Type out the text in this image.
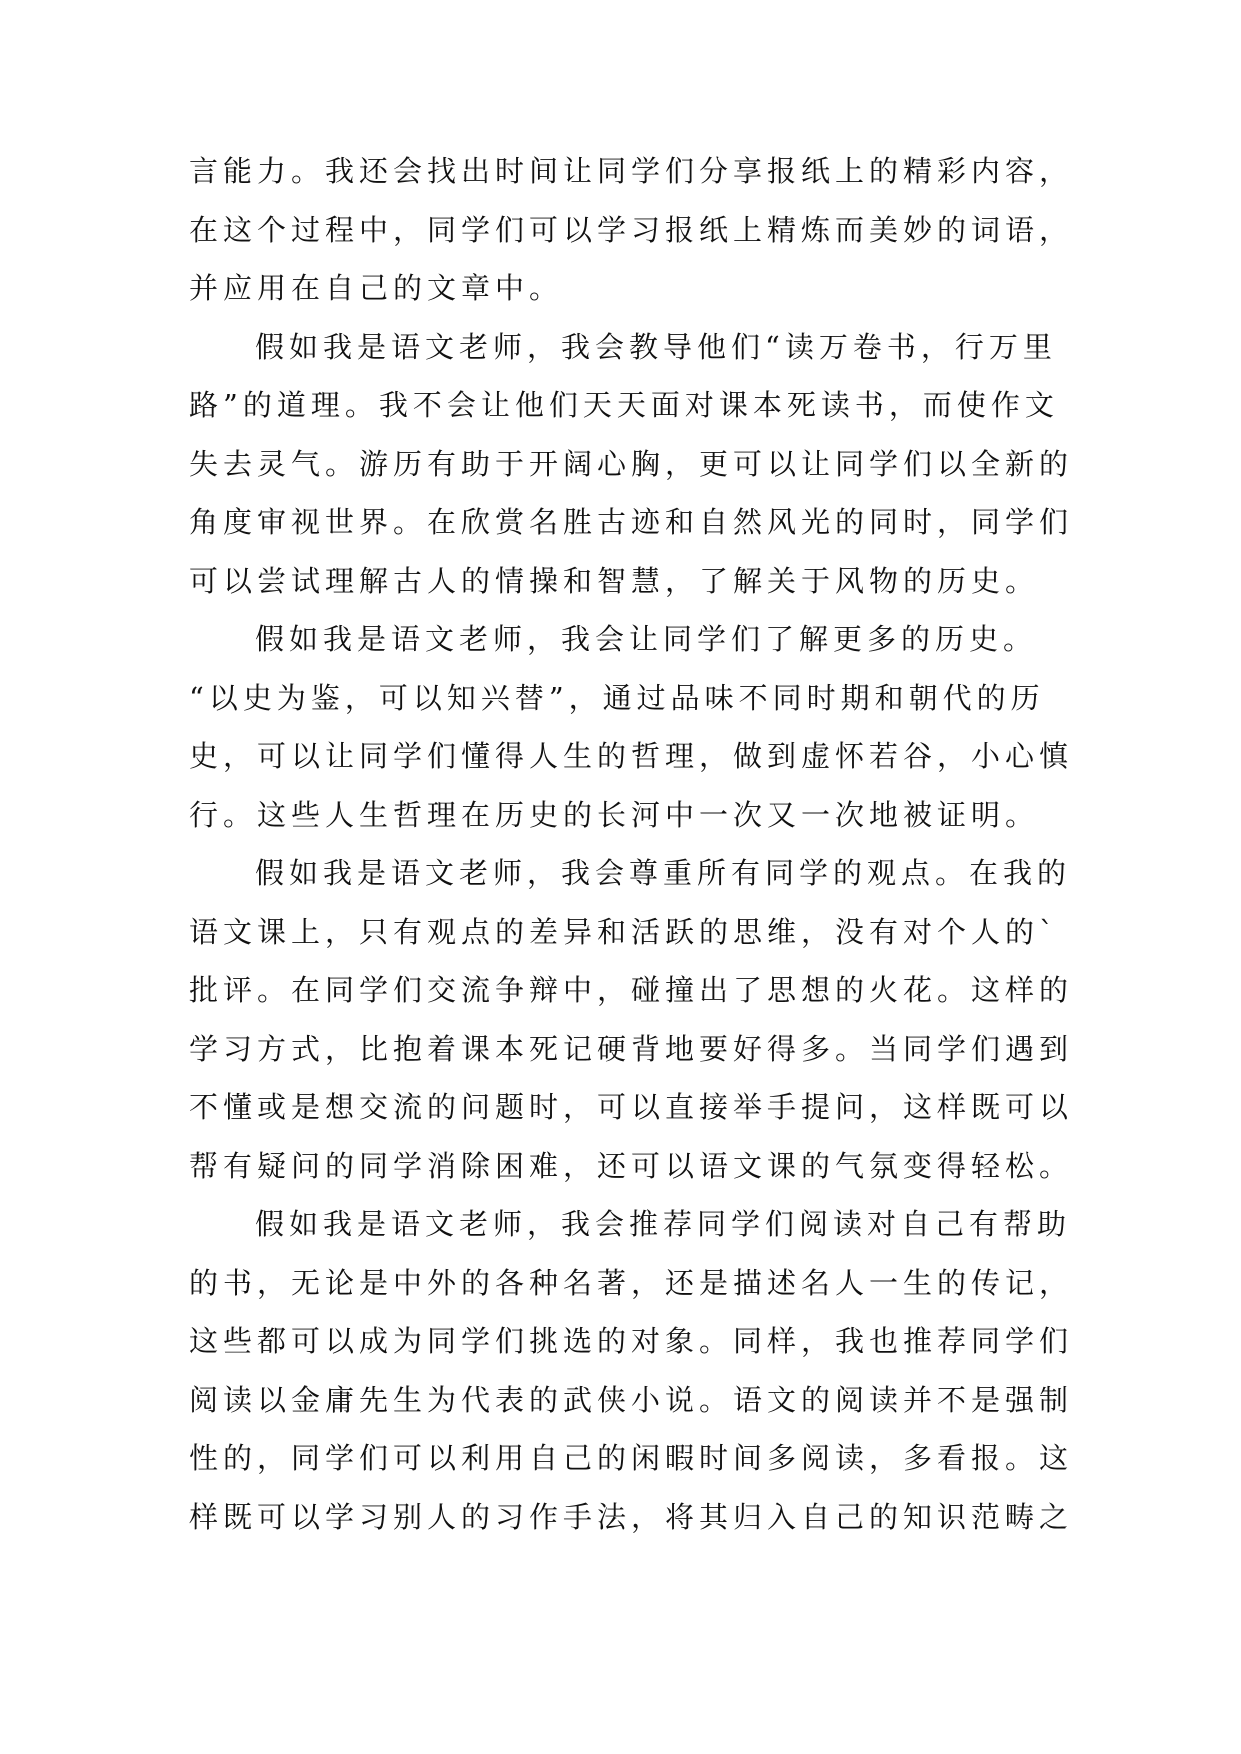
言能力。我还会找出时间让同学们分享报纸上的精彩内容，
在这个过程中，同学们可以学习报纸上精炼而美妙的词语，
并应用在自己的文章中。
假如我是语文老师，我会教导他们“读万卷书，行万里
路”的道理。我不会让他们天天面对课本死读书，而使作文
失去灵气。游历有助于开阔心胸，更可以让同学们以全新的
角度审视世界。在欣赏名胜古迹和自然风光的同时，同学们
可以尝试理解古人的情操和智慧，了解关于风物的历史。
假如我是语文老师，我会让同学们了解更多的历史。
“以史为鉴，可以知兴替”，通过品味不同时期和朝代的历
史，可以让同学们懂得人生的哲理，做到虚怀若谷，小心慎
行。这些人生哲理在历史的长河中一次又一次地被证明。
假如我是语文老师，我会尊重所有同学的观点。在我的
语文课上，只有观点的差异和活跃的思维，没有对个人的`
批评。在同学们交流争辩中，碰撞出了思想的火花。这样的
学习方式，比抱着课本死记硬背地要好得多。当同学们遇到
不懂或是想交流的问题时，可以直接举手提问，这样既可以
帮有疑问的同学消除困难，还可以语文课的气氛变得轻松。
假如我是语文老师，我会推荐同学们阅读对自己有帮助
的书，无论是中外的各种名著，还是描述名人一生的传记，
这些都可以成为同学们挑选的对象。同样，我也推荐同学们
阅读以金庸先生为代表的武侠小说。语文的阅读并不是强制
性的，同学们可以利用自己的闲暇时间多阅读，多看报。这
样既可以学习别人的习作手法，将其归入自己的知识范畴之
